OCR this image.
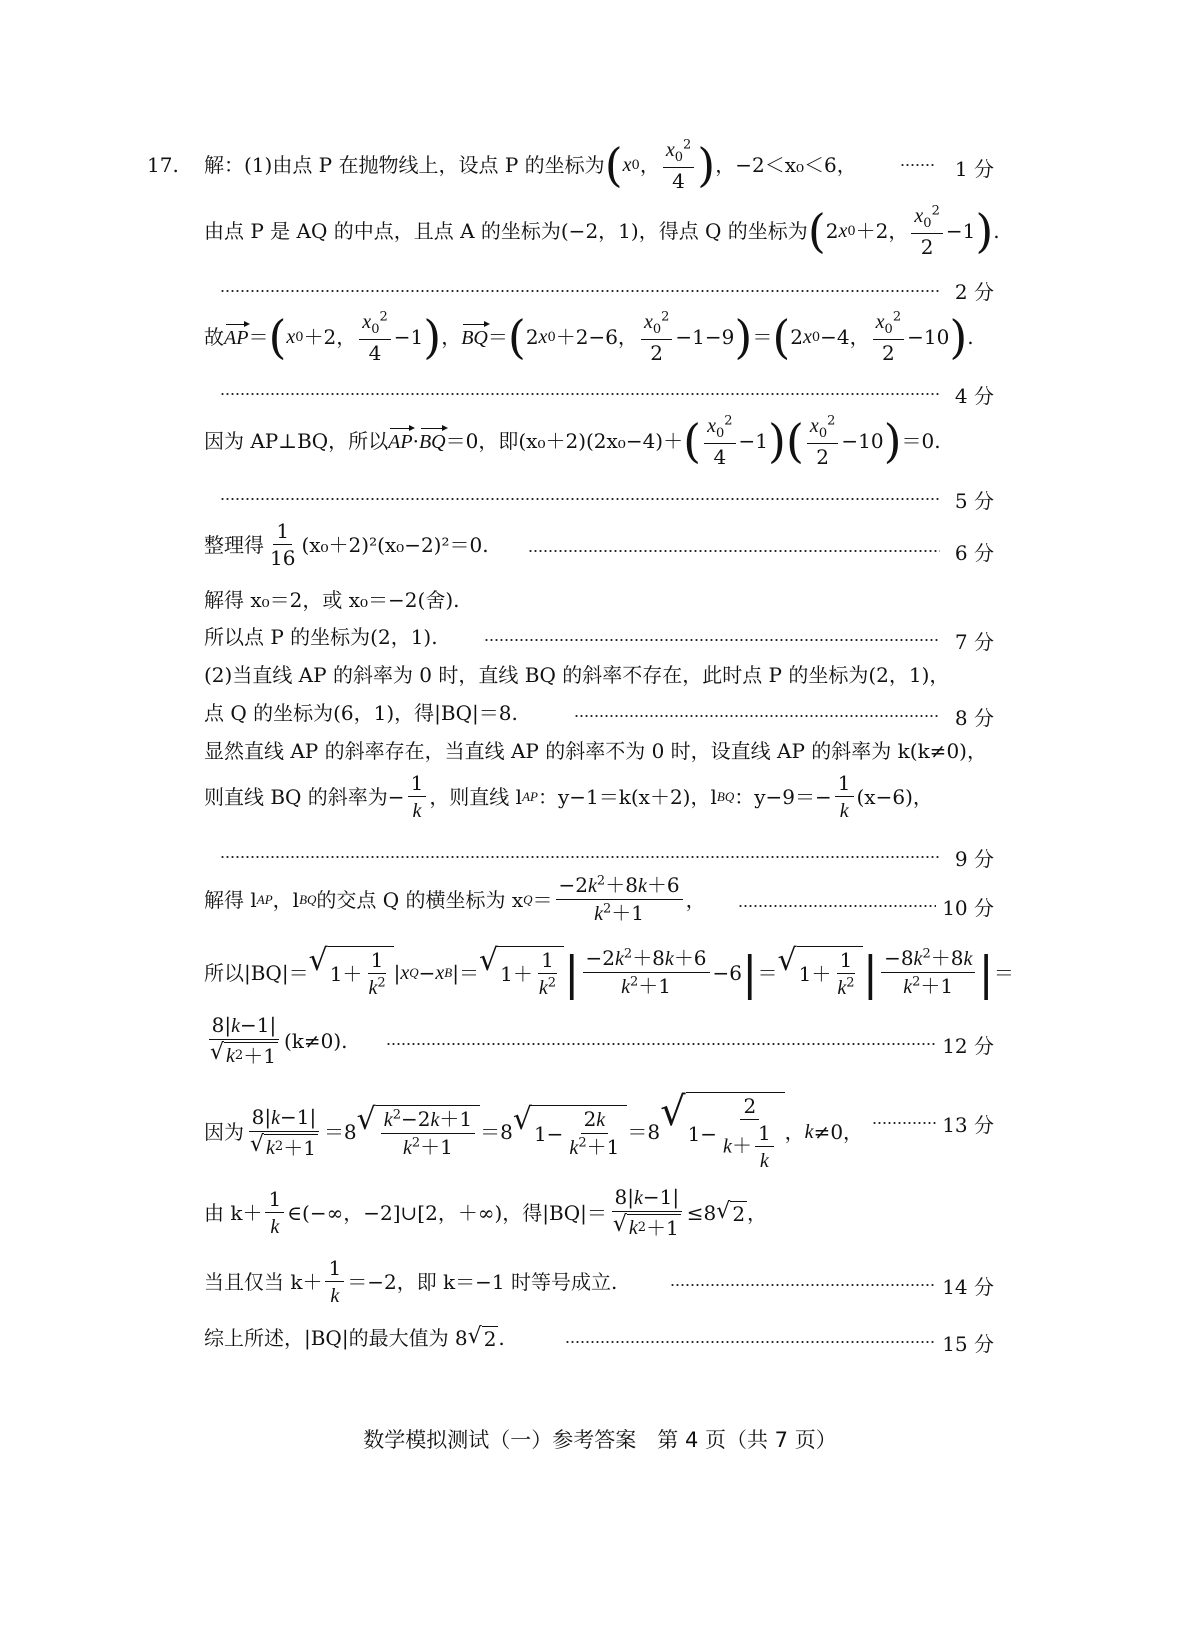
17. 解：(1)由点 P 在抛物线上，设点 P 的坐标为 ( x 0 ， $\frac{x_0^2}{4}$ ) ，−2＜x₀＜6，	1 分
由点 P 是 AQ 的中点，且点 A 的坐标为(−2，1)，得点 Q 的坐标为 ( 2 x 0 ＋2， $\frac{x_0^2}{2} -1$ ) .
2 分
故 AP ＝ ( x 0 ＋2， $\frac{x_0^2}{4} -1$ ) ， BQ ＝ ( 2 x 0 ＋2−6， $\frac{x_0^2}{2} -1-9$ ) ＝ ( 2 x 0 −4， $\frac{x_0^2}{2} -10$ ) .
4 分
因为 AP⊥BQ，所以 AP · BQ ＝0， 即(x₀＋2)(2x₀−4)＋ ( $\frac{x_0^2}{4} -1$ ) ( $\frac{x_0^2}{2} -10$ ) ＝0.
5 分
整理得 $\frac{1}{16} (x_0+2)^2(x_0-2)^2=0$.	6 分
解得 x₀＝2，或 x₀＝−2(舍).
所以点 P 的坐标为(2，1).	7 分
(2)当直线 AP 的斜率为 0 时，直线 BQ 的斜率不存在，此时点 P 的坐标为(2，1)，
点 Q 的坐标为(6，1)，得|BQ|＝8.	8 分
显然直线 AP 的斜率存在，当直线 AP 的斜率不为 0 时，设直线 AP 的斜率为 k(k≠0)，
则直线 BQ 的斜率为− $\frac{1}{k}$ ，则直线 l AP ：y−1＝k(x＋2)，l BQ ：$y-9=- \frac{1}{k} (x-6)$，
9 分
解得 l AP ，l BQ 的交点 Q 的横坐标为 x $Q = \frac{-2k^2+8k+6}{k^2+1}$ ，	10 分
所以|BQ|＝ √ $1+ \frac{1}{k^2}$ | x Q − x B |＝ √ $1+ \frac{1}{k^2}$ | $\frac{-2k^2+8k+6}{k^2+1} -6$ | ＝ √ $1+ \frac{1}{k^2}$ | $\frac{-8k^2+8k}{k^2+1}$ | ＝
$\frac{8|k-1|}{√ k 2 +1} (k\ne 0)$.	12 分
因为 $\frac{8|k-1|}{√ k 2 +1} =8$ √ $\frac{k^2-2k+1}{k^2+1} =8$ √ $1- \frac{2k}{k^2+1} =8$ √ $1- \frac{2}{k+ \frac{1}{k}}$ ， k ≠0，	13 分
由 $k+ \frac{1}{k}$ ∈(−∞，−2]∪[2，＋∞)，得$|BQ|= \frac{8|k-1|}{√ k 2 +1} \le 8$ √ 2 ，
当且仅当 $k+ \frac{1}{k} =-2$，即 k＝−1 时等号成立.	14 分
综上所述，|BQ|的最大值为 8 √ 2 .	15 分
数学模拟测试（一）参考答案　第 4 页（共 7 页）
